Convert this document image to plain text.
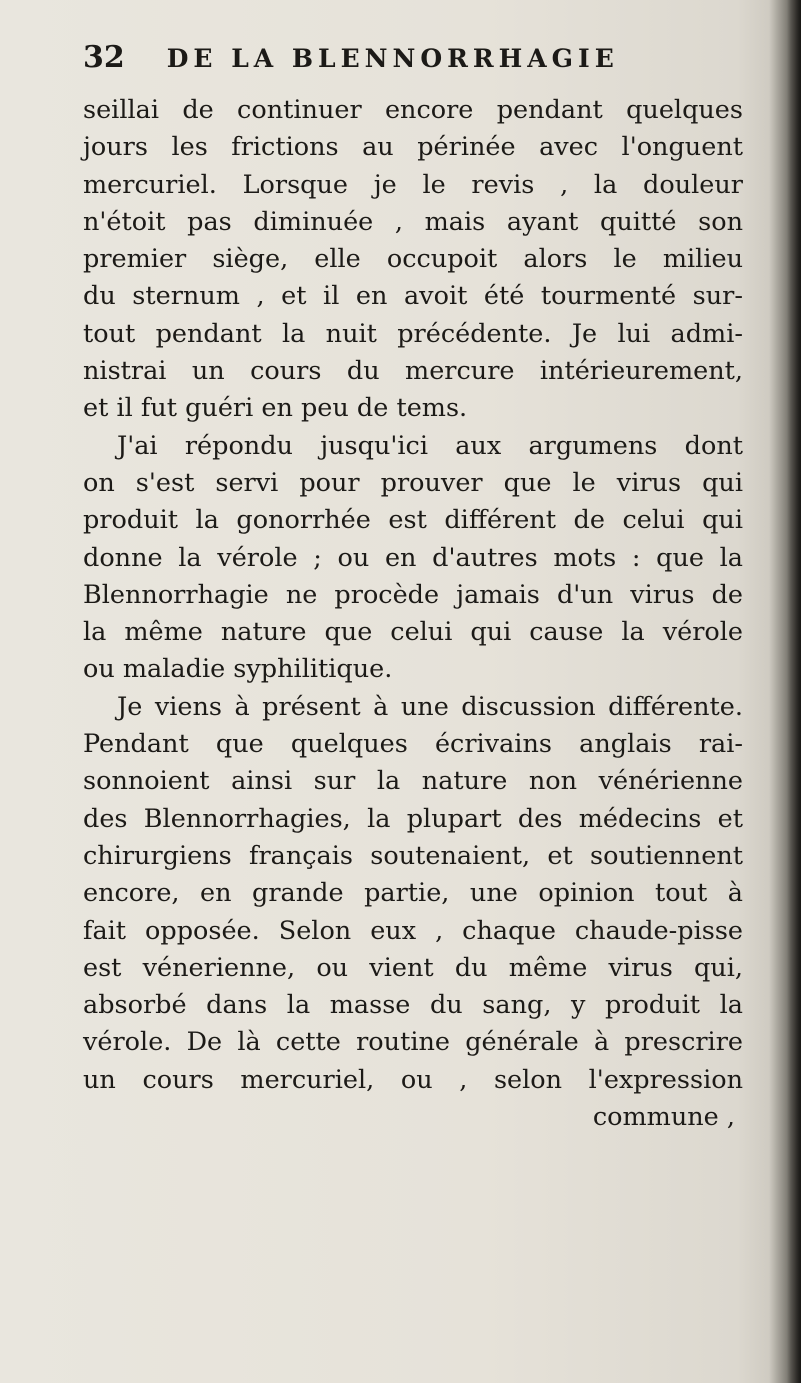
32 DE LA BLENNORRHAGIE
seillai de continuer encore pendant quelques
jours les frictions au périnée avec l'onguent
mercuriel. Lorsque je le revis , la douleur
n'étoit pas diminuée , mais ayant quitté son
premier siège, elle occupoit alors le milieu
du sternum , et il en avoit été tourmenté sur-
tout pendant la nuit précédente. Je lui admi-
nistrai un cours du mercure intérieurement,
et il fut guéri en peu de tems.
J'ai répondu jusqu'ici aux argumens dont
on s'est servi pour prouver que le virus qui
produit la gonorrhée est différent de celui qui
donne la vérole ; ou en d'autres mots : que la
Blennorrhagie ne procède jamais d'un virus de
la même nature que celui qui cause la vérole
ou maladie syphilitique.
Je viens à présent à une discussion différente.
Pendant que quelques écrivains anglais rai-
sonnoient ainsi sur la nature non vénérienne
des Blennorrhagies, la plupart des médecins et
chirurgiens français soutenaient, et soutiennent
encore, en grande partie, une opinion tout à
fait opposée. Selon eux , chaque chaude-pisse
est vénerienne, ou vient du même virus qui,
absorbé dans la masse du sang, y produit la
vérole. De là cette routine générale à prescrire
un cours mercuriel, ou , selon l'expression
commune ,
